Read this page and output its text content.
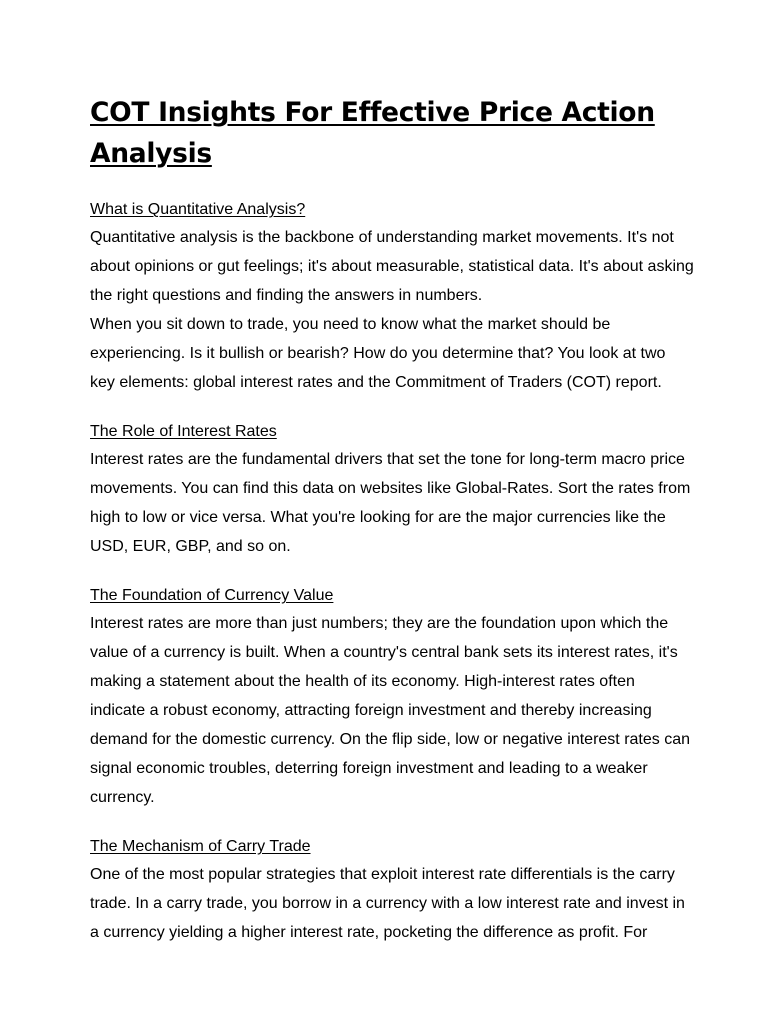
COT Insights For Effective Price Action Analysis
What is Quantitative Analysis?

Quantitative analysis is the backbone of understanding market movements. It's not about opinions or gut feelings; it's about measurable, statistical data. It's about asking the right questions and finding the answers in numbers.

When you sit down to trade, you need to know what the market should be experiencing. Is it bullish or bearish? How do you determine that? You look at two key elements: global interest rates and the Commitment of Traders (COT) report.

The Role of Interest Rates

Interest rates are the fundamental drivers that set the tone for long-term macro price movements. You can find this data on websites like Global-Rates. Sort the rates from high to low or vice versa. What you're looking for are the major currencies like the USD, EUR, GBP, and so on.

The Foundation of Currency Value

Interest rates are more than just numbers; they are the foundation upon which the value of a currency is built. When a country's central bank sets its interest rates, it's making a statement about the health of its economy. High-interest rates often indicate a robust economy, attracting foreign investment and thereby increasing demand for the domestic currency. On the flip side, low or negative interest rates can signal economic troubles, deterring foreign investment and leading to a weaker currency.

The Mechanism of Carry Trade

One of the most popular strategies that exploit interest rate differentials is the carry trade. In a carry trade, you borrow in a currency with a low interest rate and invest in a currency yielding a higher interest rate, pocketing the difference as profit. For
